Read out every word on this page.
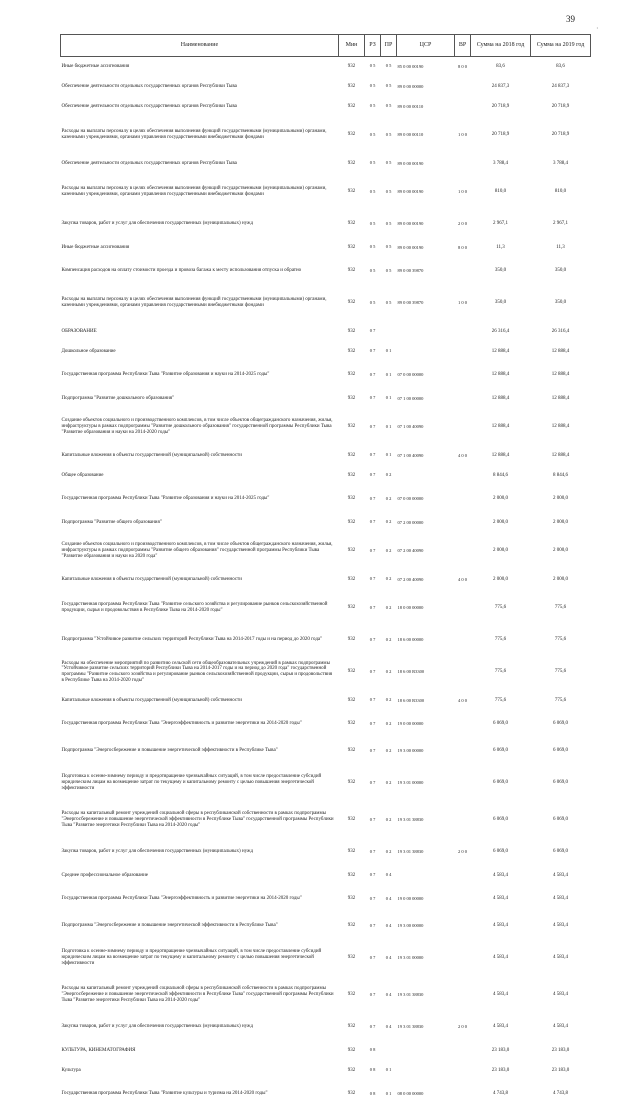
39
·
Наименование	Мин	РЗ	ПР	ЦСР	ВР	Сумма на 2018 год	Сумма на 2019 год
Иные бюджетные ассигнования	932	0 5	0 5	85 0 00 00190	8 0 0	83,6	83,6
Обеспечение деятельности отдельных государственных органов Республики Тыва	932	0 5	0 5	89 0 00 00000		24 837,3	24 837,3
Обеспечение деятельности отдельных государственных органов Республики Тыва	932	0 5	0 5	89 0 00 00110		20 718,9	20 718,9
Расходы на выплаты персоналу в целях обеспечения выполнения функций государственными (муниципальными) органами, казенными учреждениями, органами управления государственными внебюджетными фондами	932	0 5	0 5	89 0 00 00110	1 0 0	20 718,9	20 718,9
Обеспечение деятельности отдельных государственных органов Республики Тыва	932	0 5	0 5	89 0 00 00190		3 788,4	3 788,4
Расходы на выплаты персоналу в целях обеспечения выполнения функций государственными (муниципальными) органами, казенными учреждениями, органами управления государственными внебюджетными фондами	932	0 5	0 5	89 0 00 00190	1 0 0	810,0	810,0
Закупка товаров, работ и услуг для обеспечения государственных (муниципальных) нужд	932	0 5	0 5	89 0 00 00190	2 0 0	2 967,1	2 967,1
Иные бюджетные ассигнования	932	0 5	0 5	89 0 00 00190	8 0 0	11,3	11,3
Компенсация расходов на оплату стоимости проезда и провоза багажа к месту использования отпуска и обратно	932	0 5	0 5	89 0 00 39870		350,0	350,0
Расходы на выплаты персоналу в целях обеспечения выполнения функций государственными (муниципальными) органами, казенными учреждениями, органами управления государственными внебюджетными фондами	932	0 5	0 5	89 0 00 39870	1 0 0	350,0	350,0
ОБРАЗОВАНИЕ	932	0 7				26 316,4	26 316,4
Дошкольное образование	932	0 7	0 1			12 888,4	12 888,4
Государственная программа Республики Тыва "Развитие образования и науки на 2014-2025 годы"	932	0 7	0 1	07 0 00 00000		12 888,4	12 888,4
Подпрограмма "Развитие дошкольного образования"	932	0 7	0 1	07 1 00 00000		12 888,4	12 888,4
Создание объектов социального и производственного комплексов, в том числе объектов общегражданского назначения, жилья, инфраструктуры в рамках подпрограммы "Развитие дошкольного образования" государственной программы Республики Тыва "Развитие образования и науки на 2014-2020 годы"	932	0 7	0 1	07 1 00 40090		12 888,4	12 888,4
Капитальные вложения в объекты государственной (муниципальной) собственности	932	0 7	0 1	07 1 00 40090	4 0 0	12 888,4	12 888,4
Общее образование	932	0 7	0 2			8 844,6	8 844,6
Государственная программа Республики Тыва "Развитие образования и науки на 2014-2025 годы"	932	0 7	0 2	07 0 00 00000		2 000,0	2 000,0
Подпрограмма "Развитие общего образования"	932	0 7	0 2	07 2 00 00000		2 000,0	2 000,0
Создание объектов социального и производственного комплексов, в том числе объектов общегражданского назначения, жилья, инфраструктуры в рамках подпрограммы "Развитие общего образования" государственной программы Республики Тыва "Развитие образования и науки на 2020 года"	932	0 7	0 2	07 2 00 40090		2 000,0	2 000,0
Капитальные вложения в объекты государственной (муниципальной) собственности	932	0 7	0 2	07 2 00 40090	4 0 0	2 000,0	2 000,0
Государственная программа Республики Тыва "Развитие сельского хозяйства и регулирование рынков сельскохозяйственной продукции, сырья и продовольствия в Республике Тыва на 2014-2020 годы"	932	0 7	0 2	18 0 00 00000		775,6	775,6
Подпрограмма "Устойчивое развитие сельских территорий Республики Тыва на 2014-2017 годы и на период до 2020 года"	932	0 7	0 2	18 6 00 00000		775,6	775,6
Расходы на обеспечение мероприятий по развитию сельской сети общеобразовательных учреждений в рамках подпрограммы "Устойчивое развитие сельских территорий Республики Тыва на 2014-2017 годы и на период до 2020 года" государственной программы "Развитие сельского хозяйства и регулирование рынков сельскохозяйственной продукции, сырья и продовольствия в Республике Тыва на 2014-2020 годы"	932	0 7	0 2	18 6 00 R3300		775,6	775,6
Капитальные вложения в объекты государственной (муниципальной) собственности	932	0 7	0 2	18 6 00 R3300	4 0 0	775,6	775,6
Государственная программа Республики Тыва "Энергоэффективность и развитие энергетики на 2014-2020 годы"	932	0 7	0 2	19 0 00 00000		6 069,0	6 069,0
Подпрограмма "Энергосбережение и повышение энергетической эффективности в Республике Тыва"	932	0 7	0 2	19 3 00 00000		6 069,0	6 069,0
Подготовка к осенне-зимнему периоду и предотвращение чрезвычайных ситуаций, в том числе предоставление субсидий юридическим лицам на возмещение затрат по текущему и капитальному ремонту с целью повышения энергетической эффективности	932	0 7	0 2	19 3 01 00000		6 069,0	6 069,0
Расходы на капитальный ремонт учреждений социальной сферы в республиканской собственности в рамках подпрограммы "Энергосбережение и повышение энергетической эффективности в Республике Тыва" государственной программы Республики Тыва "Развитие энергетики Республики Тыва на 2014-2020 годы"	932	0 7	0 2	19 3 01 38830		6 069,0	6 069,0
Закупка товаров, работ и услуг для обеспечения государственных (муниципальных) нужд	932	0 7	0 2	19 3 01 38830	2 0 0	6 069,0	6 069,0
Среднее профессиональное образование	932	0 7	0 4			4 583,4	4 583,4
Государственная программа Республики Тыва "Энергоэффективность и развитие энергетики на 2014-2020 годы"	932	0 7	0 4	19 0 00 00000		4 583,4	4 583,4
Подпрограмма "Энергосбережение и повышение энергетической эффективности в Республике Тыва"	932	0 7	0 4	19 3 00 00000		4 583,4	4 583,4
Подготовка к осенне-зимнему периоду и предотвращение чрезвычайных ситуаций, в том числе предоставление субсидий юридическим лицам на возмещение затрат по текущему и капитальному ремонту с целью повышения энергетической эффективности	932	0 7	0 4	19 3 01 00000		4 583,4	4 583,4
Расходы на капитальный ремонт учреждений социальной сферы в республиканской собственности в рамках подпрограммы "Энергосбережение и повышение энергетической эффективности в Республике Тыва" государственной программы Республики Тыва "Развитие энергетики Республики Тыва на 2014-2020 годы"	932	0 7	0 4	19 3 01 38830		4 583,4	4 583,4
Закупка товаров, работ и услуг для обеспечения государственных (муниципальных) нужд	932	0 7	0 4	19 3 01 38830	2 0 0	4 583,4	4 583,4
КУЛЬТУРА, КИНЕМАТОГРАФИЯ	932	0 8				23 183,0	23 183,0
Культура	932	0 8	0 1			23 183,0	23 183,0
Государственная программа Республики Тыва "Развитие культуры и туризма на 2014-2020 годы"	932	0 8	0 1	08 0 00 00000		4 743,8	4 743,8
